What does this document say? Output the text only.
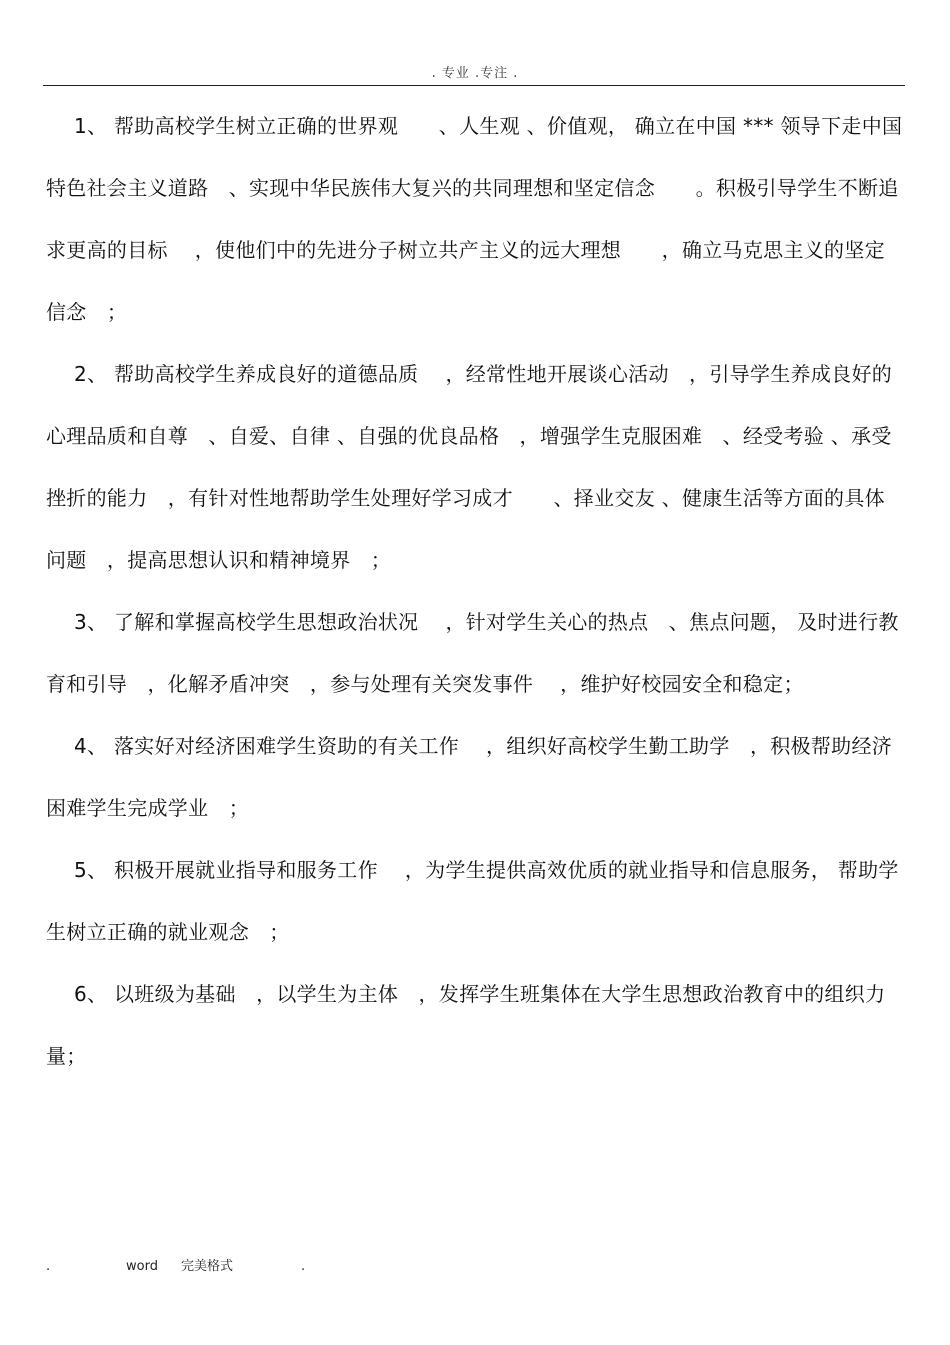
. 专业 .专注 .

1、 帮助高校学生树立正确的世界观　　、人生观 、价值观， 确立在中国 *** 领导下走中国特色社会主义道路　、实现中华民族伟大复兴的共同理想和坚定信念　　。积极引导学生不断追求更高的目标　 ，使他们中的先进分子树立共产主义的远大理想　　，确立马克思主义的坚定信念　；

2、 帮助高校学生养成良好的道德品质　 ，经常性地开展谈心活动　，引导学生养成良好的心理品质和自尊　、自爱、自律 、自强的优良品格　，增强学生克服困难　、经受考验 、承受挫折的能力　，有针对性地帮助学生处理好学习成才　　、择业交友 、健康生活等方面的具体问题　，提高思想认识和精神境界　；

3、 了解和掌握高校学生思想政治状况　 ，针对学生关心的热点　、焦点问题， 及时进行教育和引导　，化解矛盾冲突　，参与处理有关突发事件　 ，维护好校园安全和稳定；

4、 落实好对经济困难学生资助的有关工作　 ，组织好高校学生勤工助学　，积极帮助经济困难学生完成学业　；

5、 积极开展就业指导和服务工作　 ，为学生提供高效优质的就业指导和信息服务， 帮助学生树立正确的就业观念　；

6、 以班级为基础　，以学生为主体　，发挥学生班集体在大学生思想政治教育中的组织力量；

.	word 完美格式	.
